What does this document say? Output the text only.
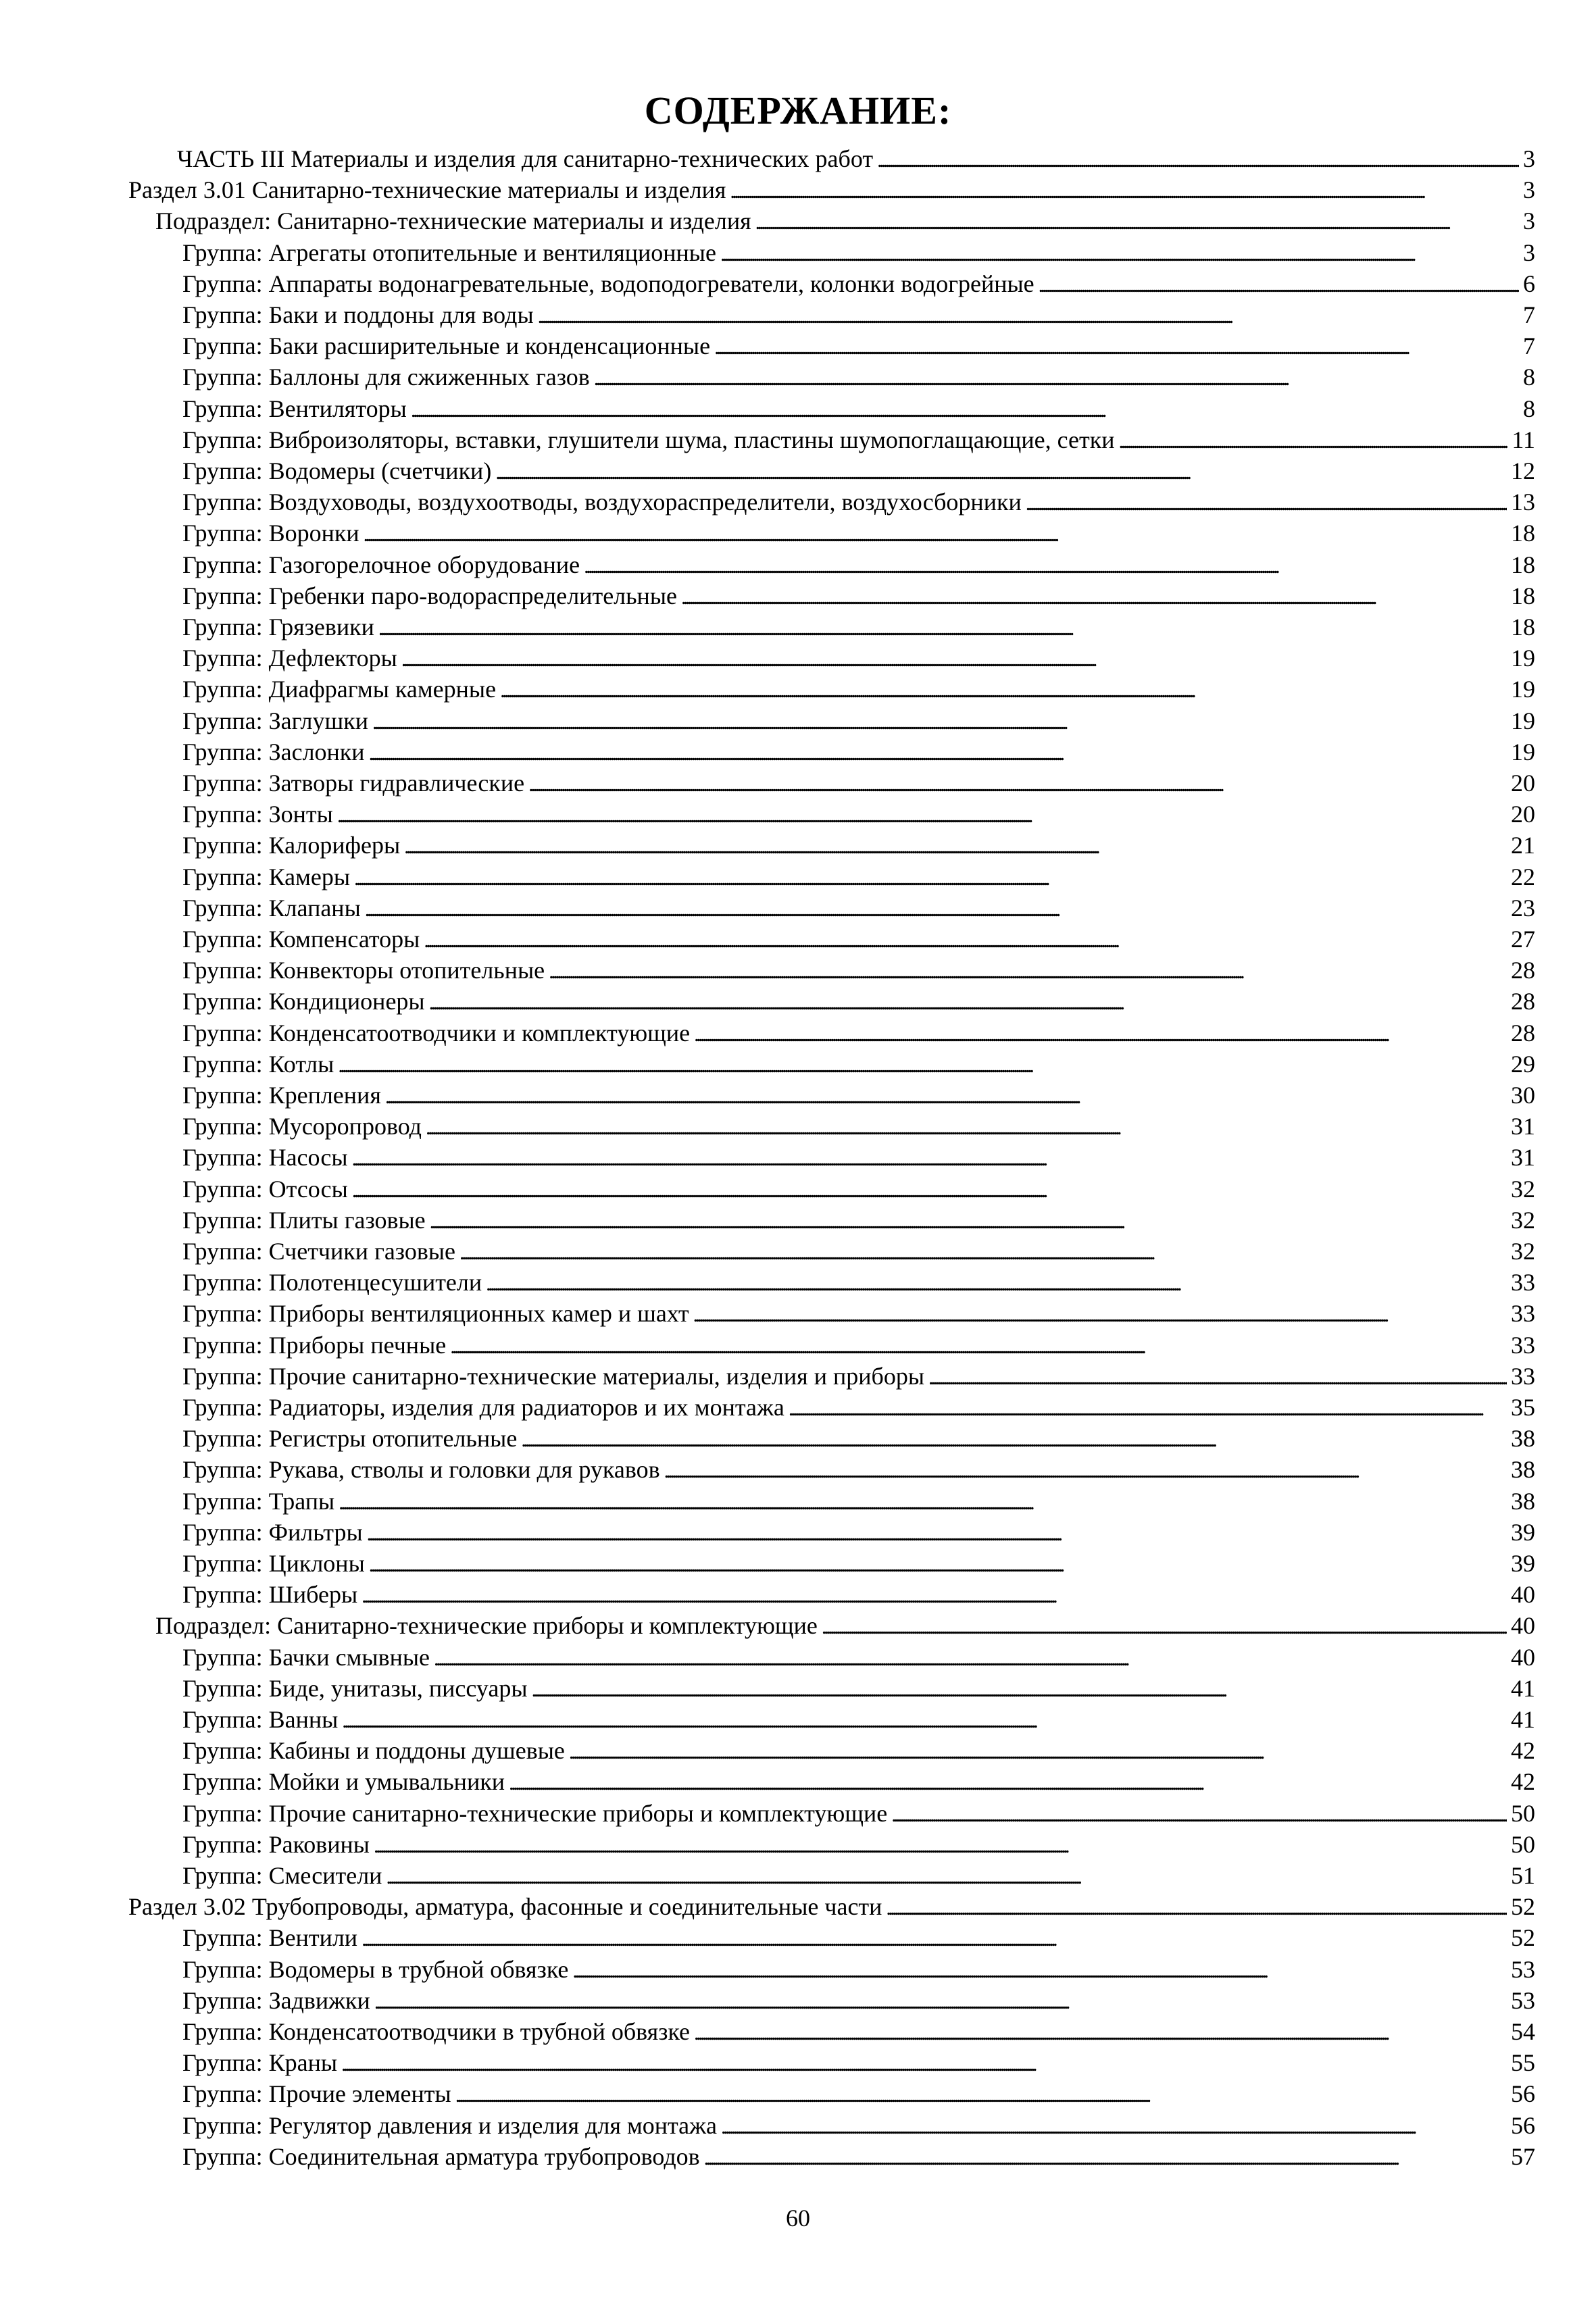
СОДЕРЖАНИЕ:
ЧАСТЬ III Материалы и изделия для санитарно-технических работ . . .	3
Раздел 3.01 Санитарно-технические материалы и изделия . . .	3
Подраздел: Санитарно-технические материалы и изделия . . .	3
Группа: Агрегаты отопительные и вентиляционные . . .	3
Группа: Аппараты водонагревательные, водоподогреватели, колонки водогрейные . . .	6
Группа: Баки и поддоны для воды . . .	7
Группа: Баки расширительные и конденсационные . . .	7
Группа: Баллоны для сжиженных газов . . .	8
Группа: Вентиляторы . . .	8
Группа: Виброизоляторы, вставки, глушители шума, пластины шумопоглащающие, сетки . . .	11
Группа: Водомеры (счетчики) . . .	12
Группа: Воздуховоды, воздухоотводы, воздухораспределители, воздухосборники . . .	13
Группа: Воронки . . .	18
Группа: Газогорелочное оборудование . . .	18
Группа: Гребенки паро-водораспределительные . . .	18
Группа: Грязевики . . .	18
Группа: Дефлекторы . . .	19
Группа: Диафрагмы камерные . . .	19
Группа: Заглушки . . .	19
Группа: Заслонки . . .	19
Группа: Затворы гидравлические . . .	20
Группа: Зонты . . .	20
Группа: Калориферы . . .	21
Группа: Камеры . . .	22
Группа: Клапаны . . .	23
Группа: Компенсаторы . . .	27
Группа: Конвекторы отопительные . . .	28
Группа: Кондиционеры . . .	28
Группа: Конденсатоотводчики и комплектующие . . .	28
Группа: Котлы . . .	29
Группа: Крепления . . .	30
Группа: Мусоропровод . . .	31
Группа: Насосы . . .	31
Группа: Отсосы . . .	32
Группа: Плиты газовые . . .	32
Группа: Счетчики газовые . . .	32
Группа: Полотенцесушители . . .	33
Группа: Приборы вентиляционных камер и шахт . . .	33
Группа: Приборы печные . . .	33
Группа: Прочие санитарно-технические материалы, изделия и приборы . . .	33
Группа: Радиаторы, изделия для радиаторов и их монтажа . . .	35
Группа: Регистры отопительные . . .	38
Группа: Рукава, стволы и головки для рукавов . . .	38
Группа: Трапы . . .	38
Группа: Фильтры . . .	39
Группа: Циклоны . . .	39
Группа: Шиберы . . .	40
Подраздел: Санитарно-технические приборы и комплектующие . . .	40
Группа: Бачки смывные . . .	40
Группа: Биде, унитазы, писсуары . . .	41
Группа: Ванны . . .	41
Группа: Кабины и поддоны душевые . . .	42
Группа: Мойки и умывальники . . .	42
Группа: Прочие санитарно-технические приборы и комплектующие . . .	50
Группа: Раковины . . .	50
Группа: Смесители . . .	51
Раздел 3.02 Трубопроводы, арматура, фасонные и соединительные части . . .	52
Группа: Вентили . . .	52
Группа: Водомеры в трубной обвязке . . .	53
Группа: Задвижки . . .	53
Группа: Конденсатоотводчики в трубной обвязке . . .	54
Группа: Краны . . .	55
Группа: Прочие элементы . . .	56
Группа: Регулятор давления и изделия для монтажа . . .	56
Группа: Соединительная арматура трубопроводов . . .	57
60
